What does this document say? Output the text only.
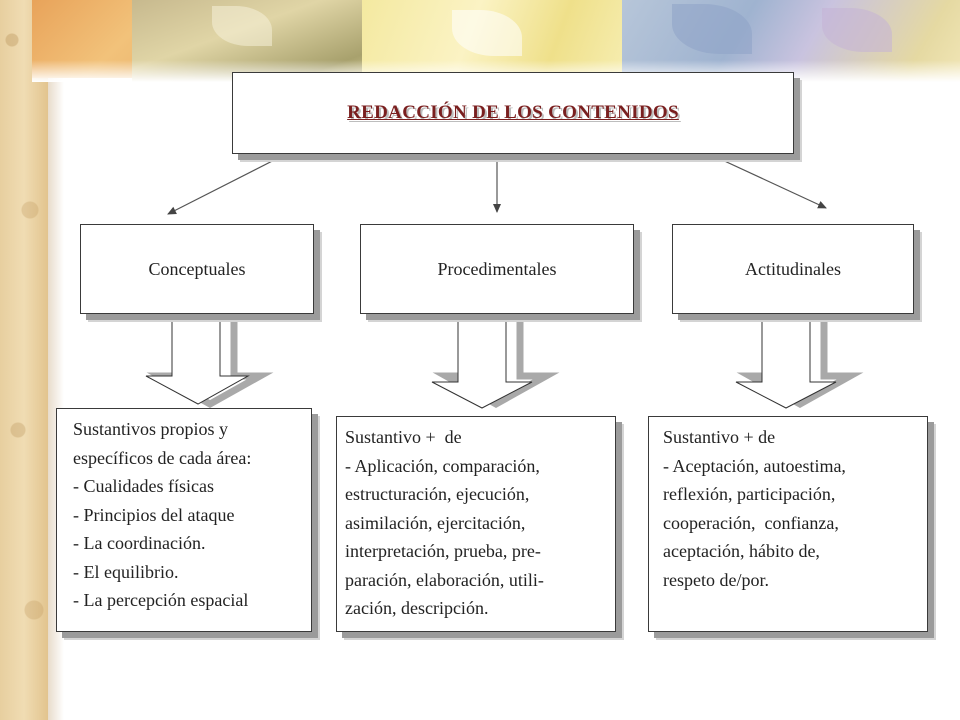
REDACCIÓN DE LOS CONTENIDOS
Conceptuales	Procedimentales	Actitudinales
Sustantivos propios y
específicos de cada área:
- Cualidades físicas
- Principios del ataque
- La coordinación.
- El equilibrio.
- La percepción espacial
Sustantivo +  de
- Aplicación, comparación,
estructuración, ejecución,
asimilación, ejercitación,
interpretación, prueba, pre-
paración, elaboración, utili-
zación, descripción.
Sustantivo + de
- Aceptación, autoestima,
reflexión, participación,
cooperación,  confianza,
aceptación, hábito de,
respeto de/por.
